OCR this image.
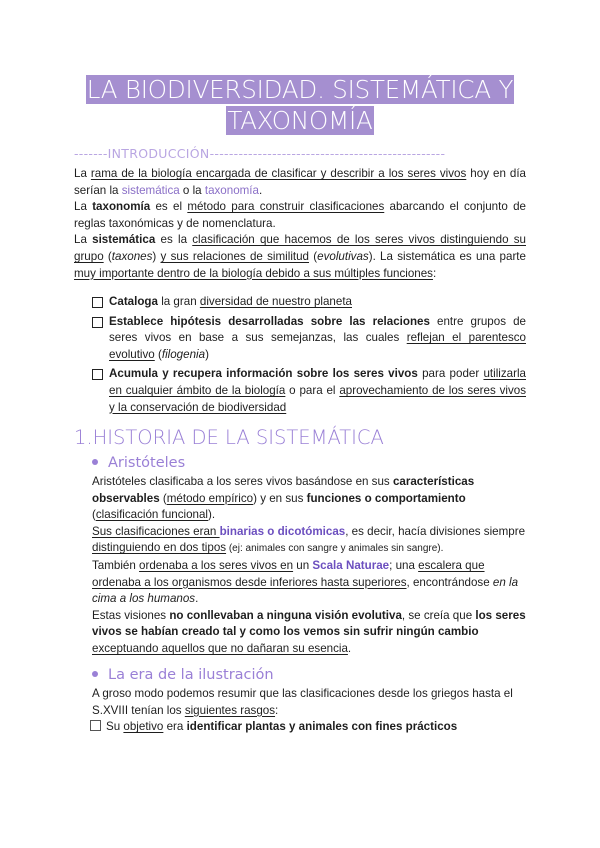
LA BIODIVERSIDAD. SISTEMÁTICA Y
TAXONOMÍA
-------INTRODUCCIÓN-------------------------------------------------
La rama de la biología encargada de clasificar y describir a los seres vivos hoy en día serían la sistemática o la taxonomía.
La taxonomía es el método para construir clasificaciones abarcando el conjunto de reglas taxonómicas y de nomenclatura.
La sistemática es la clasificación que hacemos de los seres vivos distinguiendo su grupo (taxones) y sus relaciones de similitud (evolutivas). La sistemática es una parte muy importante dentro de la biología debido a sus múltiples funciones:
Cataloga la gran diversidad de nuestro planeta
Establece hipótesis desarrolladas sobre las relaciones entre grupos de seres vivos en base a sus semejanzas, las cuales reflejan el parentesco evolutivo (filogenia)
Acumula y recupera información sobre los seres vivos para poder utilizarla en cualquier ámbito de la biología o para el aprovechamiento de los seres vivos y la conservación de biodiversidad
1.HISTORIA DE LA SISTEMÁTICA
Aristóteles
Aristóteles clasificaba a los seres vivos basándose en sus características observables (método empírico) y en sus funciones o comportamiento (clasificación funcional).
Sus clasificaciones eran binarias o dicotómicas, es decir, hacía divisiones siempre distinguiendo en dos tipos (ej: animales con sangre y animales sin sangre).
También ordenaba a los seres vivos en un Scala Naturae; una escalera que ordenaba a los organismos desde inferiores hasta superiores, encontrándose en la cima a los humanos.
Estas visiones no conllevaban a ninguna visión evolutiva, se creía que los seres vivos se habían creado tal y como los vemos sin sufrir ningún cambio exceptuando aquellos que no dañaran su esencia.
La era de la ilustración
A groso modo podemos resumir que las clasificaciones desde los griegos hasta el S.XVIII tenían los siguientes rasgos:
Su objetivo era identificar plantas y animales con fines prácticos
